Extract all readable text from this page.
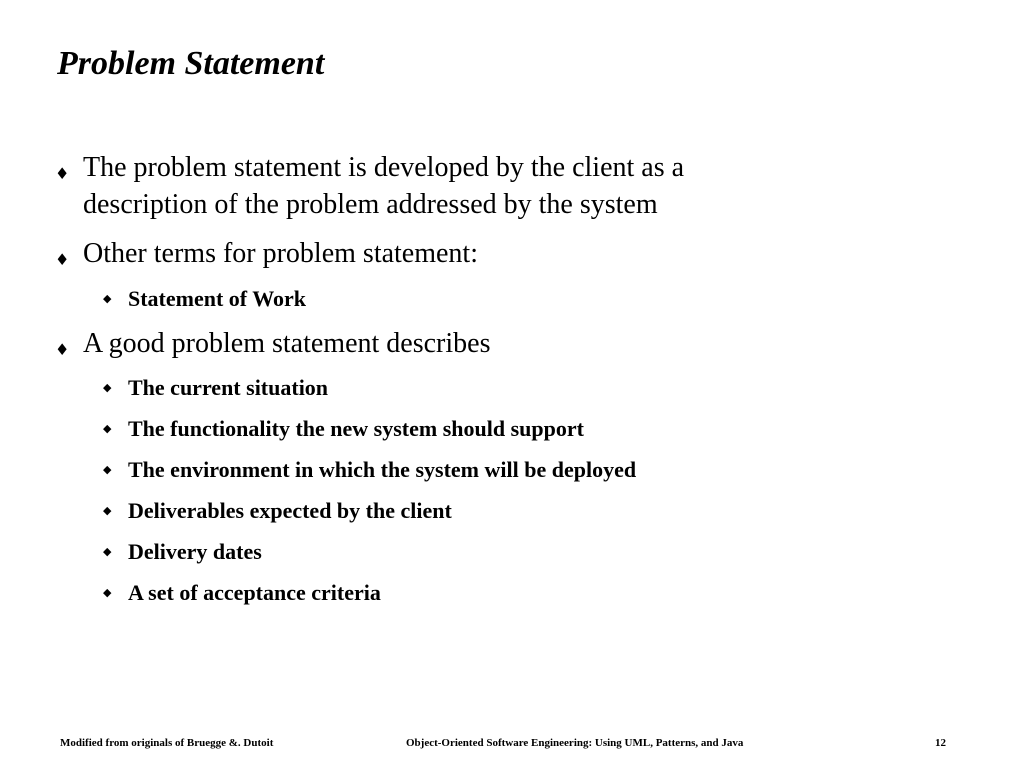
Problem Statement
♦ The problem statement is developed by the client as a
description of the problem addressed by the system
♦ Other terms for problem statement:
◆ Statement of Work
♦ A good problem statement describes
◆ The current situation
◆ The functionality the new system should support
◆ The environment in which the system will be deployed
◆ Deliverables expected by the client
◆ Delivery dates
◆ A set of acceptance criteria
Modified from originals of Bruegge &. Dutoit	Object-Oriented Software Engineering: Using UML, Patterns, and Java	12
